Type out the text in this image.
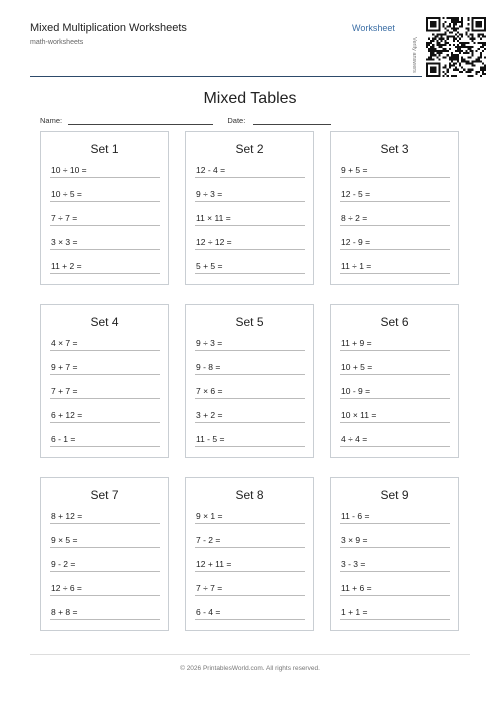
Mixed Multiplication Worksheets
math-worksheets
Worksheet
Verify answers
Mixed Tables
Name:	Date:
Set 1
10 ÷ 10 =
10 ÷ 5 =
7 ÷ 7 =
3 × 3 =
11 + 2 =
Set 2
12 - 4 =
9 ÷ 3 =
11 × 11 =
12 ÷ 12 =
5 + 5 =
Set 3
9 + 5 =
12 - 5 =
8 ÷ 2 =
12 - 9 =
11 ÷ 1 =
Set 4
4 × 7 =
9 + 7 =
7 + 7 =
6 + 12 =
6 - 1 =
Set 5
9 ÷ 3 =
9 - 8 =
7 × 6 =
3 + 2 =
11 - 5 =
Set 6
11 + 9 =
10 + 5 =
10 - 9 =
10 × 11 =
4 ÷ 4 =
Set 7
8 + 12 =
9 × 5 =
9 - 2 =
12 ÷ 6 =
8 + 8 =
Set 8
9 × 1 =
7 - 2 =
12 + 11 =
7 ÷ 7 =
6 - 4 =
Set 9
11 - 6 =
3 × 9 =
3 - 3 =
11 + 6 =
1 + 1 =
© 2026 PrintablesWorld.com. All rights reserved.
